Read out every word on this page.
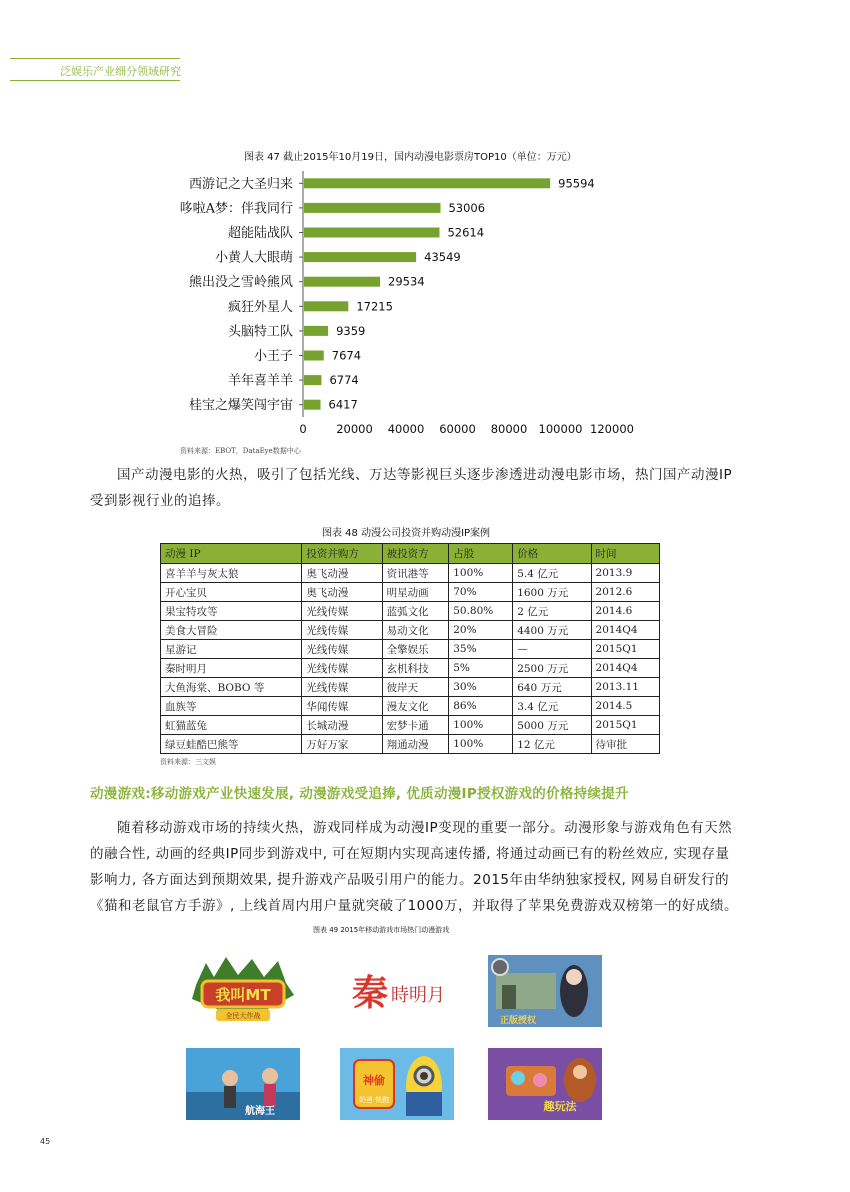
泛娱乐产业细分领域研究
图表 47 截止2015年10月19日，国内动漫电影票房TOP10（单位：万元）
西游记之大圣归来	95594
哆啦A梦：伴我同行	53006
超能陆战队	52614
小黄人大眼萌	43549
熊出没之雪岭熊风	29534
疯狂外星人	17215
头脑特工队	9359
小王子	7674
羊年喜羊羊	6774
桂宝之爆笑闯宇宙	6417
0	20000 40000 60000 80000 100000 120000
资料来源：EBOT，DataEye数据中心

国产动漫电影的火热，吸引了包括光线、万达等影视巨头逐步渗透进动漫电影市场，热门国产动漫IP受到影视行业的追捧。

图表 48 动漫公司投资并购动漫IP案例
动漫 IP	投资并购方	被投资方	占股	价格	时间
喜羊羊与灰太狼	奥飞动漫	资讯港等	100%	5.4 亿元	2013.9
开心宝贝	奥飞动漫	明星动画	70%	1600 万元	2012.6
果宝特攻等	光线传媒	蓝弧文化	50.80%	2 亿元	2014.6
美食大冒险	光线传媒	易动文化	20%	4400 万元	2014Q4
星游记	光线传媒	全擎娱乐	35%	—	2015Q1
秦时明月	光线传媒	玄机科技	5%	2500 万元	2014Q4
大鱼海棠、BOBO 等	光线传媒	彼岸天	30%	640 万元	2013.11
血族等	华闻传媒	漫友文化	86%	3.4 亿元	2014.5
虹猫蓝兔	长城动漫	宏梦卡通	100%	5000 万元	2015Q1
绿豆蛙酷巴熊等	万好万家	翔通动漫	100%	12 亿元	待审批
资料来源：三文娱
动漫游戏:移动游戏产业快速发展, 动漫游戏受追捧, 优质动漫IP授权游戏的价格持续提升

随着移动游戏市场的持续火热，游戏同样成为动漫IP变现的重要一部分。动漫形象与游戏角色有天然的融合性, 动画的经典IP同步到游戏中, 可在短期内实现高速传播, 将通过动画已有的粉丝效应, 实现存量影响力, 各方面达到预期效果, 提升游戏产品吸引用户的能力。2015年由华纳独家授权, 网易自研发行的《猫和老鼠官方手游》, 上线首周内用户量就突破了1000万，并取得了苹果免费游戏双榜第一的好成绩。

图表 49 2015年移动游戏市场热门动漫游戏
我叫MT
全民大作战
秦 時明月
正版授权
航海王
神偷
奶爸 快跑	趣玩法
45
